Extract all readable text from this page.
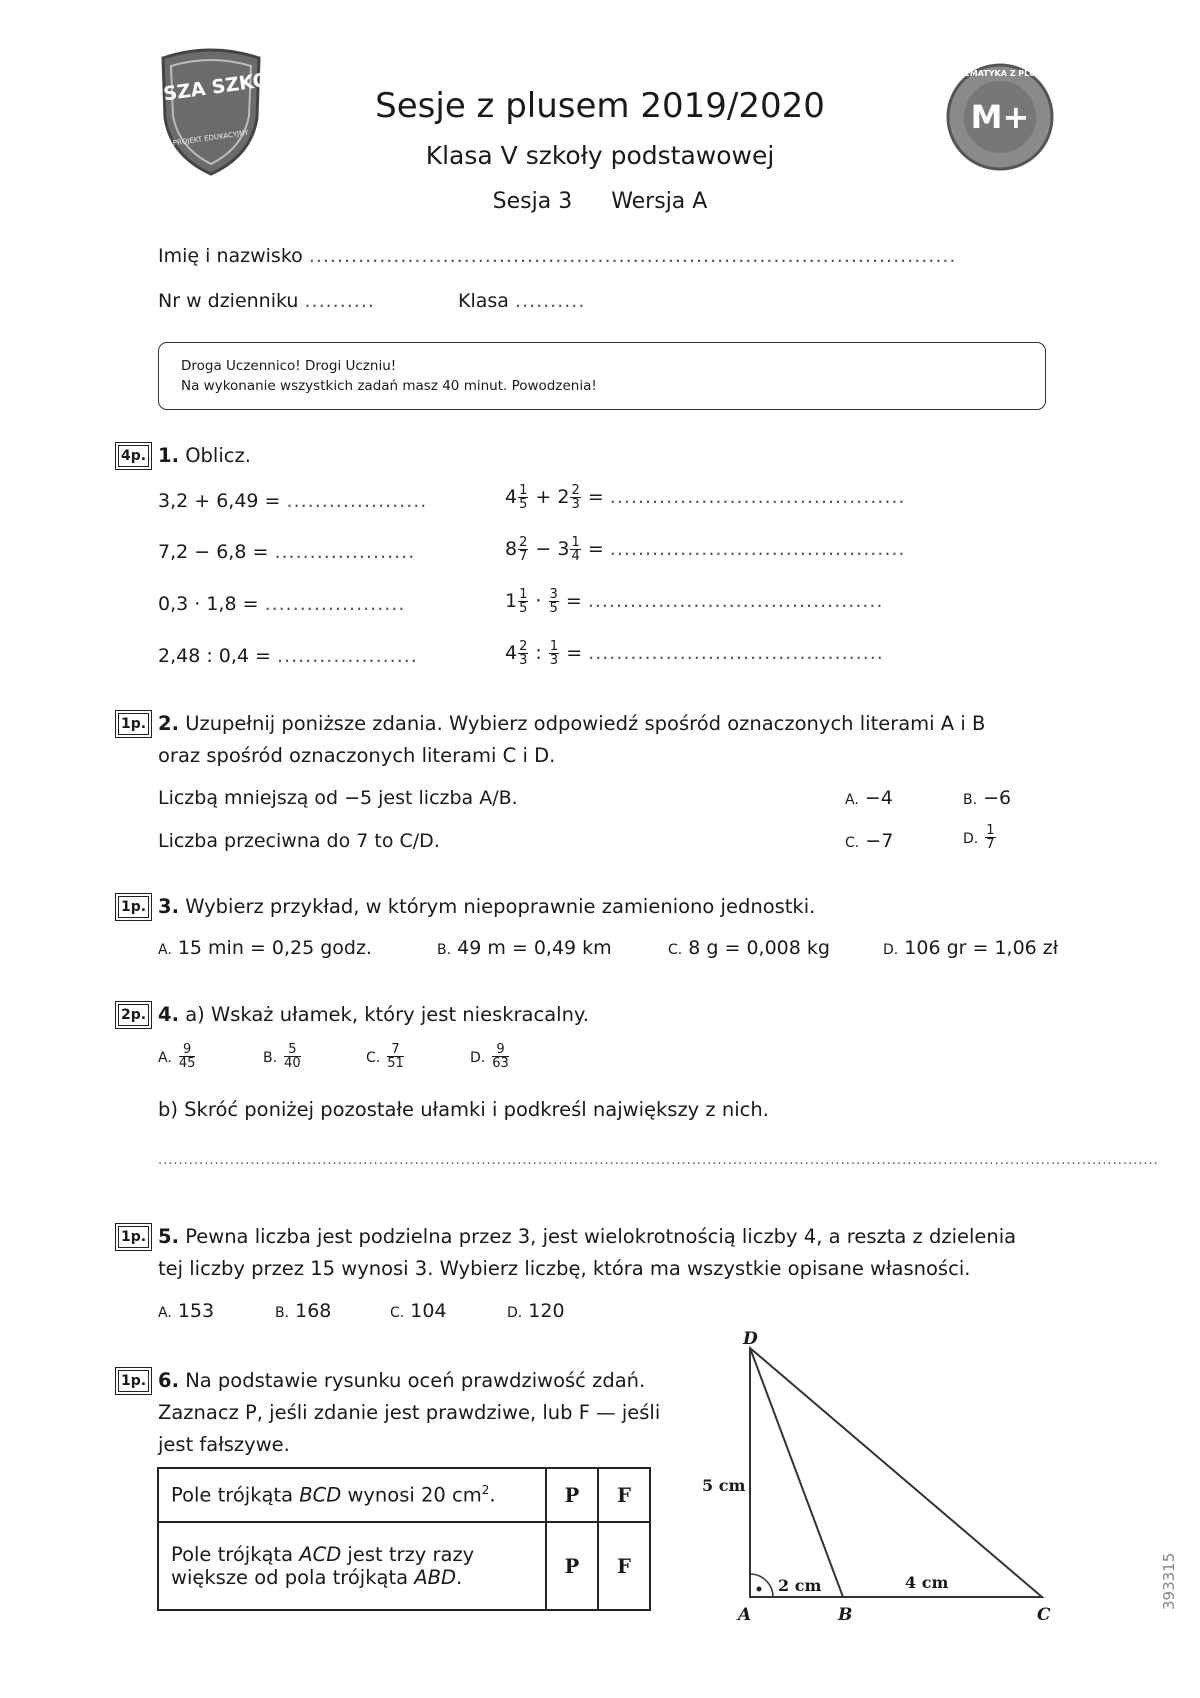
LEPSZA SZKOŁA
PROJEKT EDUKACYJNY
M+
MATEMATYKA Z PLUSEM
Sesje z plusem 2019/2020
Klasa V szkoły podstawowej
Sesja 3 Wersja A
Imię i nazwisko ............................................................................................
Nr w dzienniku ..........	Klasa ..........
Droga Uczennico! Drogi Uczniu!
Na wykonanie wszystkich zadań masz 40 minut. Powodzenia!
4p. 1. Oblicz.
3,2 + 6,49 = ....................
7,2 − 6,8 = ....................
0,3 · 1,8 = ....................
2,48 : 0,4 = ....................
$4 \frac{1}{5} + 2 \frac{2}{3}$ = ..........................................
$8 \frac{2}{7} - 3 \frac{1}{4}$ = ..........................................
$1 \frac{1}{5} \cdot \frac{3}{5}$ = ..........................................
$4 \frac{2}{3}$ : $\frac{1}{3}$ = ..........................................
1p. 2. Uzupełnij poniższe zdania. Wybierz odpowiedź spośród oznaczonych literami A i B
oraz spośród oznaczonych literami C i D.
Liczbą mniejszą od −5 jest liczba A/B.
Liczba przeciwna do 7 to C/D.
A. −4	B. −6
C. −7	D. $\frac{1}{7}$
1p. 3. Wybierz przykład, w którym niepoprawnie zamieniono jednostki.
A. 15 min = 0,25 godz.	B. 49 m = 0,49 km	C. 8 g = 0,008 kg	D. 106 gr = 1,06 zł
2p. 4. a) Wskaż ułamek, który jest nieskracalny.
A. $\frac{9}{45}$	B. $\frac{5}{40}$	C. $\frac{7}{51}$	D. $\frac{9}{63}$
b) Skróć poniżej pozostałe ułamki i podkreśl największy z nich.
...................................................................................................................................................................................................
1p. 5. Pewna liczba jest podzielna przez 3, jest wielokrotnością liczby 4, a reszta z dzielenia
tej liczby przez 15 wynosi 3. Wybierz liczbę, która ma wszystkie opisane własności.
A. 153	B. 168	C. 104	D. 120
1p. 6. Na podstawie rysunku oceń prawdziwość zdań.
Zaznacz P, jeśli zdanie jest prawdziwe, lub F — jeśli
jest fałszywe.
Pole trójkąta BCD wynosi 20 $cm^2$.	P	F
Pole trójkąta ACD jest trzy razy
większe od pola trójkąta ABD.	P	F
D
A	B	C
5 cm
2 cm	4 cm	393315
